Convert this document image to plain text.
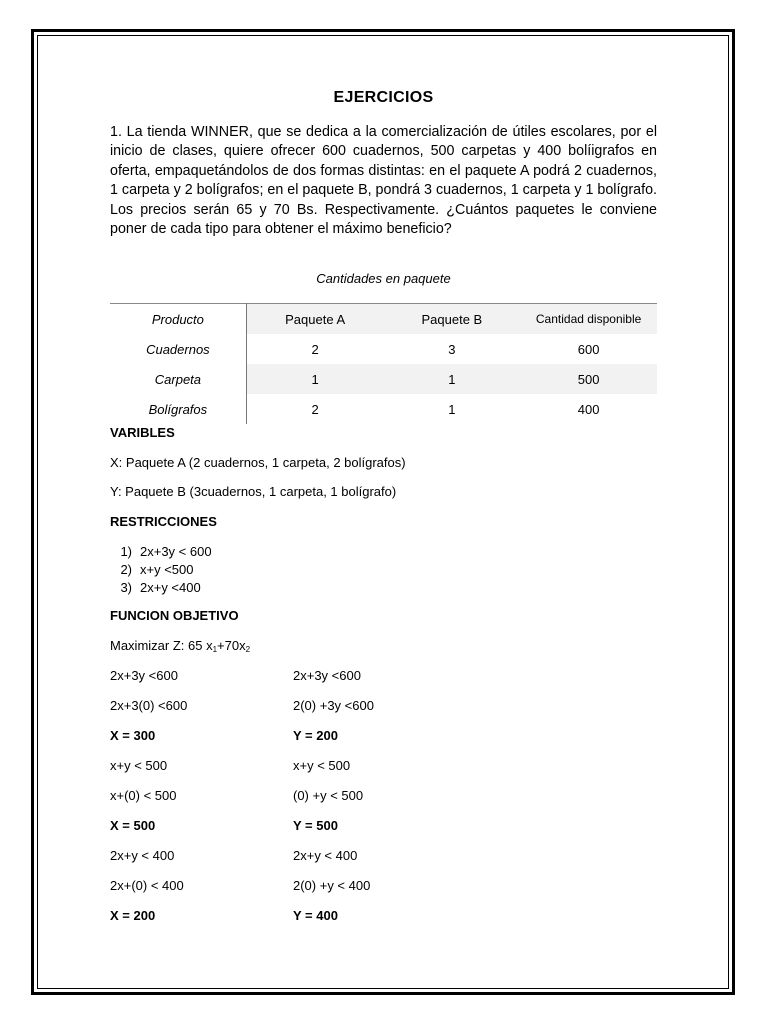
EJERCICIOS

1. La tienda WINNER, que se dedica a la comercialización de útiles escolares, por el inicio de clases, quiere ofrecer 600 cuadernos, 500 carpetas y 400 bolíigrafos en oferta, empaquetándolos de dos formas distintas: en el paquete A podrá 2 cuadernos, 1 carpeta y 2 bolígrafos; en el paquete B, pondrá 3 cuadernos, 1 carpeta y 1 bolígrafo. Los precios serán 65 y 70 Bs. Respectivamente. ¿Cuántos paquetes le conviene poner de cada tipo para obtener el máximo beneficio?

Cantidades en paquete
Producto	Paquete A	Paquete B	Cantidad disponible
Cuadernos	2	3	600
Carpeta	1	1	500
Bolígrafos	2	1	400
VARIBLES
X: Paquete A (2 cuadernos, 1 carpeta, 2 bolígrafos)
Y: Paquete B (3cuadernos, 1 carpeta, 1 bolígrafo)
RESTRICCIONES
1) 2x+3y < 600
2) x+y <500
3) 2x+y <400
FUNCION OBJETIVO
Maximizar Z: 65 $x_1+70x_2$
2x+3y <600	2x+3y <600
2x+3(0) <600	2(0) +3y <600
X = 300	Y = 200
x+y < 500	x+y < 500
x+(0) < 500	(0) +y < 500
X = 500	Y = 500
2x+y < 400	2x+y < 400
2x+(0) < 400	2(0) +y < 400
X = 200	Y = 400
